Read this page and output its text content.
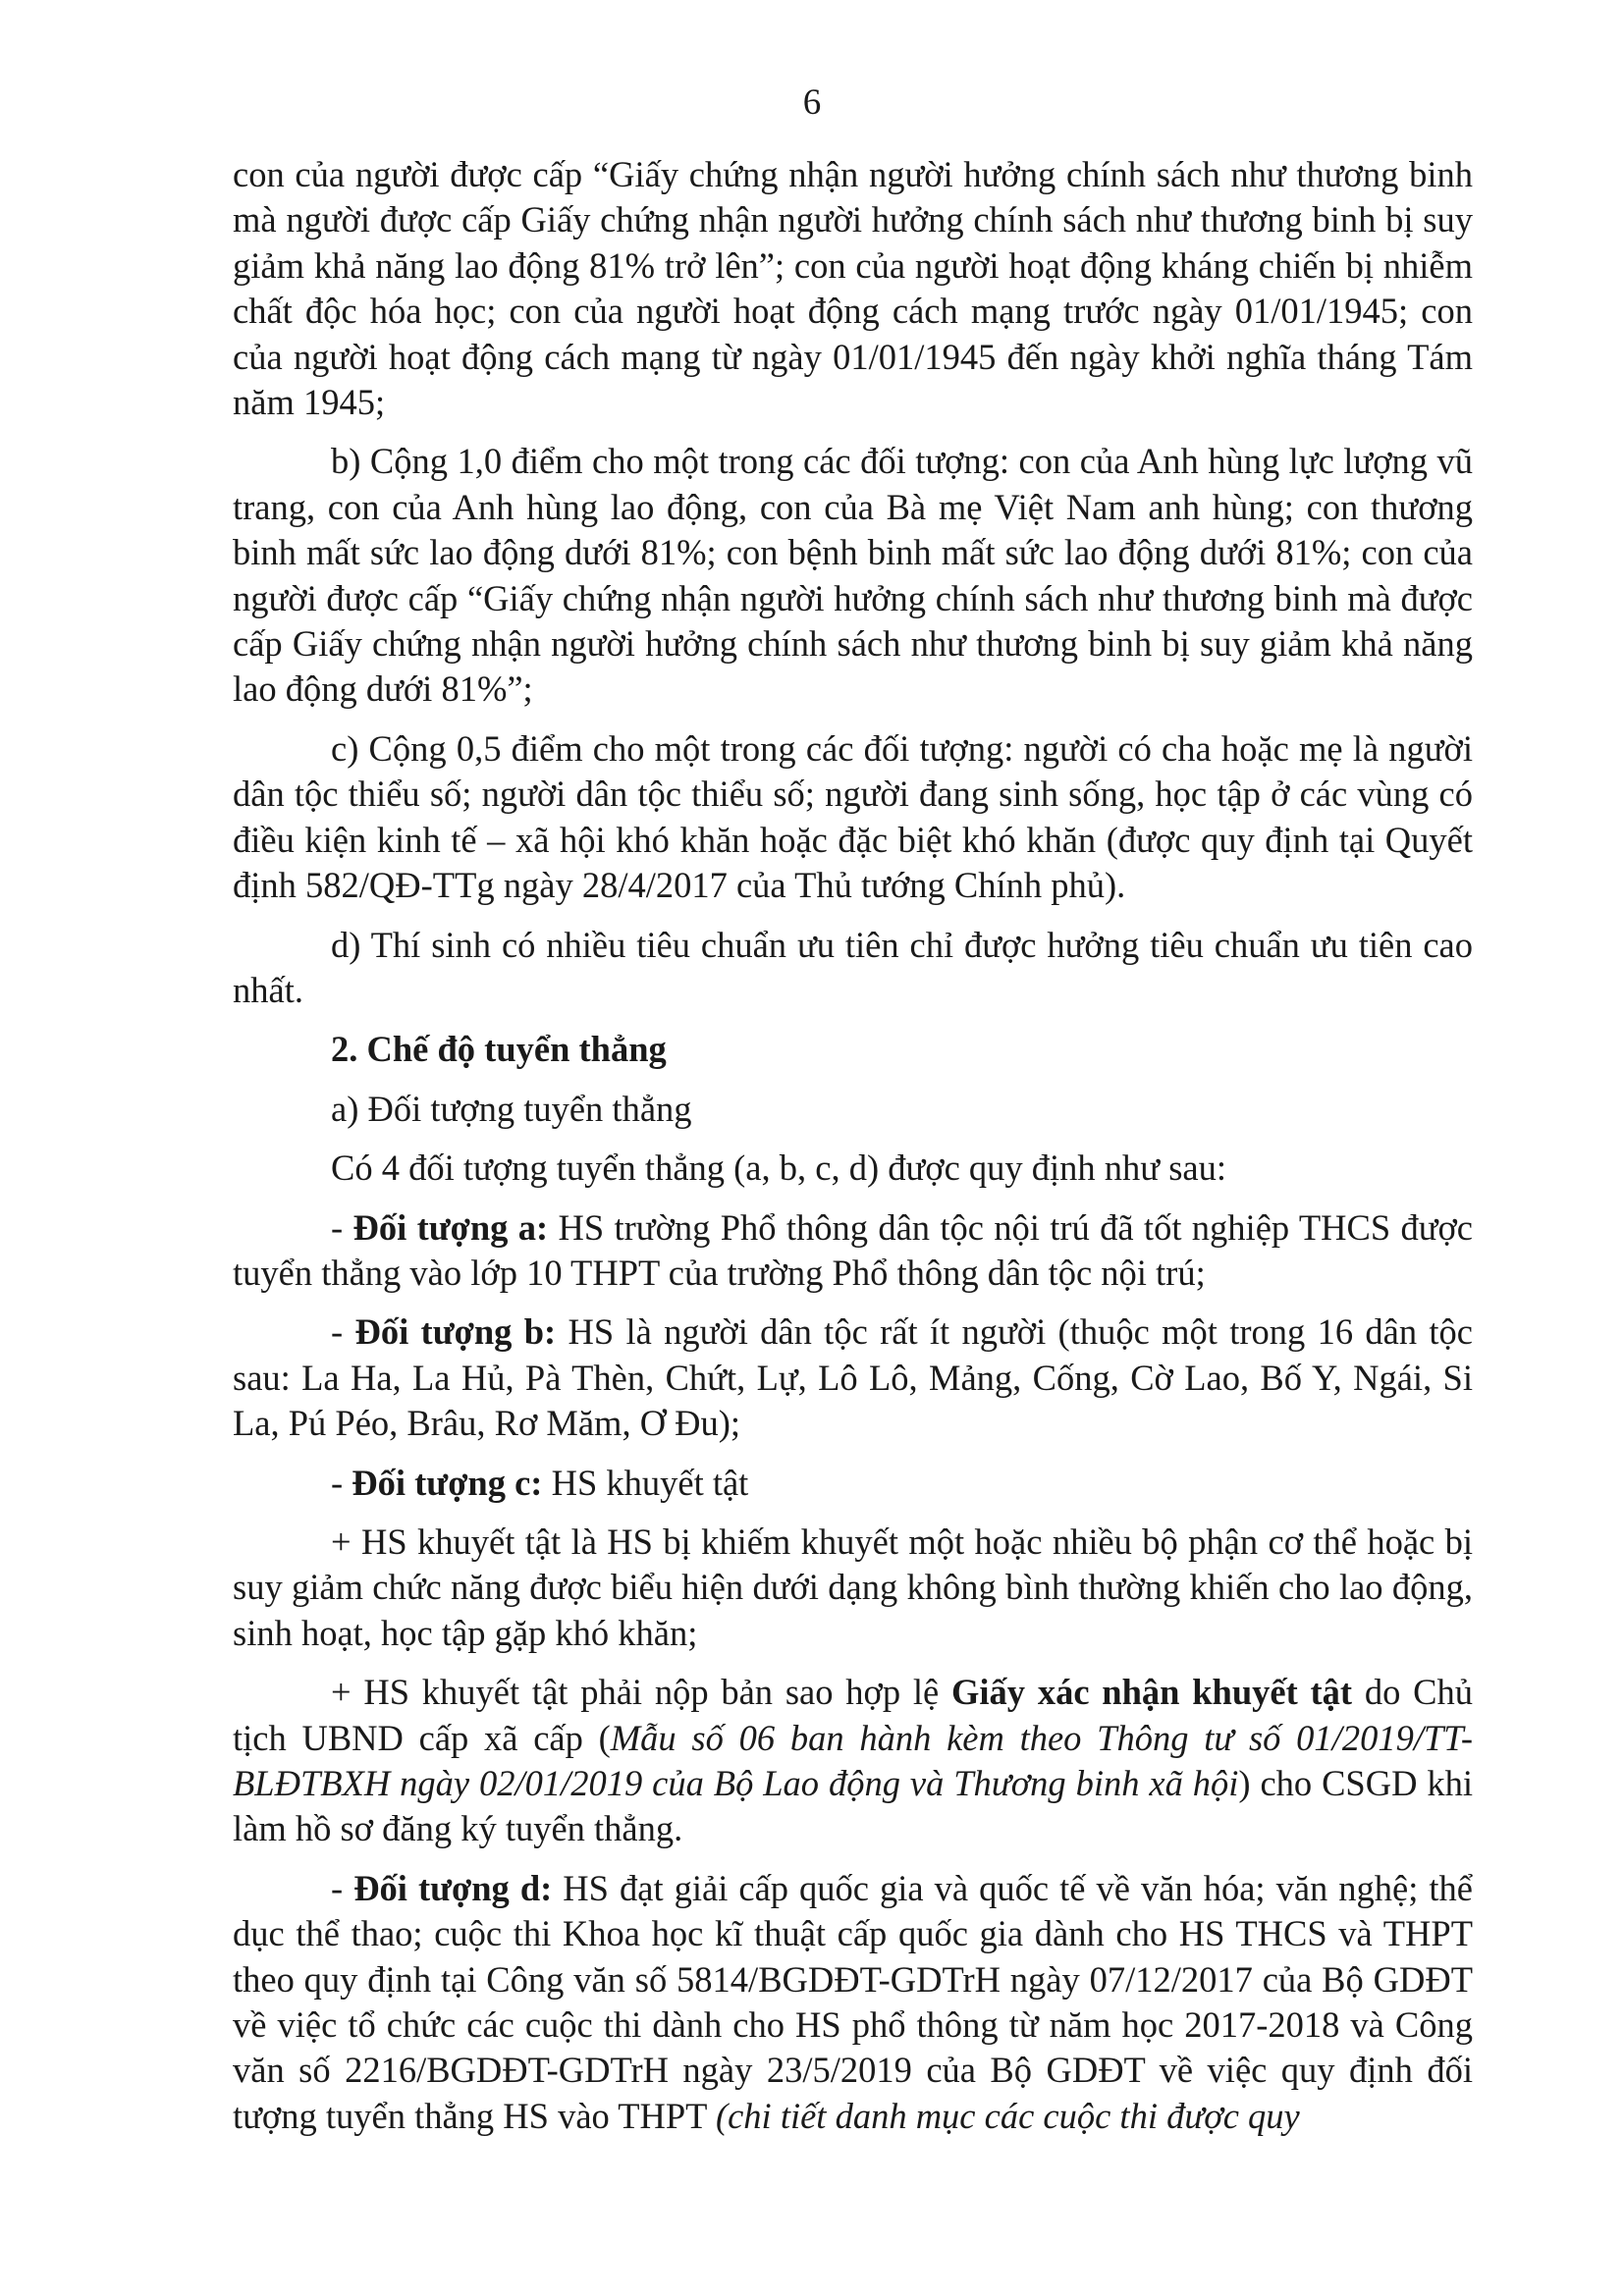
6

con của người được cấp “Giấy chứng nhận người hưởng chính sách như thương binh mà người được cấp Giấy chứng nhận người hưởng chính sách như thương binh bị suy giảm khả năng lao động 81% trở lên”; con của người hoạt động kháng chiến bị nhiễm chất độc hóa học; con của người hoạt động cách mạng trước ngày 01/01/1945; con của người hoạt động cách mạng từ ngày 01/01/1945 đến ngày khởi nghĩa tháng Tám năm 1945;

b) Cộng 1,0 điểm cho một trong các đối tượng: con của Anh hùng lực lượng vũ trang, con của Anh hùng lao động, con của Bà mẹ Việt Nam anh hùng; con thương binh mất sức lao động dưới 81%; con bệnh binh mất sức lao động dưới 81%; con của người được cấp “Giấy chứng nhận người hưởng chính sách như thương binh mà được cấp Giấy chứng nhận người hưởng chính sách như thương binh bị suy giảm khả năng lao động dưới 81%”;

c) Cộng 0,5 điểm cho một trong các đối tượng: người có cha hoặc mẹ là người dân tộc thiểu số; người dân tộc thiểu số; người đang sinh sống, học tập ở các vùng có điều kiện kinh tế – xã hội khó khăn hoặc đặc biệt khó khăn (được quy định tại Quyết định 582/QĐ-TTg ngày 28/4/2017 của Thủ tướng Chính phủ).

d) Thí sinh có nhiều tiêu chuẩn ưu tiên chỉ được hưởng tiêu chuẩn ưu tiên cao nhất.

2. Chế độ tuyển thẳng

a) Đối tượng tuyển thẳng

Có 4 đối tượng tuyển thẳng (a, b, c, d) được quy định như sau:

- Đối tượng a: HS trường Phổ thông dân tộc nội trú đã tốt nghiệp THCS được tuyển thẳng vào lớp 10 THPT của trường Phổ thông dân tộc nội trú;

- Đối tượng b: HS là người dân tộc rất ít người (thuộc một trong 16 dân tộc sau: La Ha, La Hủ, Pà Thèn, Chứt, Lự, Lô Lô, Mảng, Cống, Cờ Lao, Bố Y, Ngái, Si La, Pú Péo, Brâu, Rơ Măm, Ơ Đu);

- Đối tượng c: HS khuyết tật

+ HS khuyết tật là HS bị khiếm khuyết một hoặc nhiều bộ phận cơ thể hoặc bị suy giảm chức năng được biểu hiện dưới dạng không bình thường khiến cho lao động, sinh hoạt, học tập gặp khó khăn;

+ HS khuyết tật phải nộp bản sao hợp lệ Giấy xác nhận khuyết tật do Chủ tịch UBND cấp xã cấp (Mẫu số 06 ban hành kèm theo Thông tư số 01/2019/TT-BLĐTBXH ngày 02/01/2019 của Bộ Lao động và Thương binh xã hội) cho CSGD khi làm hồ sơ đăng ký tuyển thẳng.

- Đối tượng d: HS đạt giải cấp quốc gia và quốc tế về văn hóa; văn nghệ; thể dục thể thao; cuộc thi Khoa học kĩ thuật cấp quốc gia dành cho HS THCS và THPT theo quy định tại Công văn số 5814/BGDĐT-GDTrH ngày 07/12/2017 của Bộ GDĐT về việc tổ chức các cuộc thi dành cho HS phổ thông từ năm học 2017-2018 và Công văn số 2216/BGDĐT-GDTrH ngày 23/5/2019 của Bộ GDĐT về việc quy định đối tượng tuyển thẳng HS vào THPT (chi tiết danh mục các cuộc thi được quy
